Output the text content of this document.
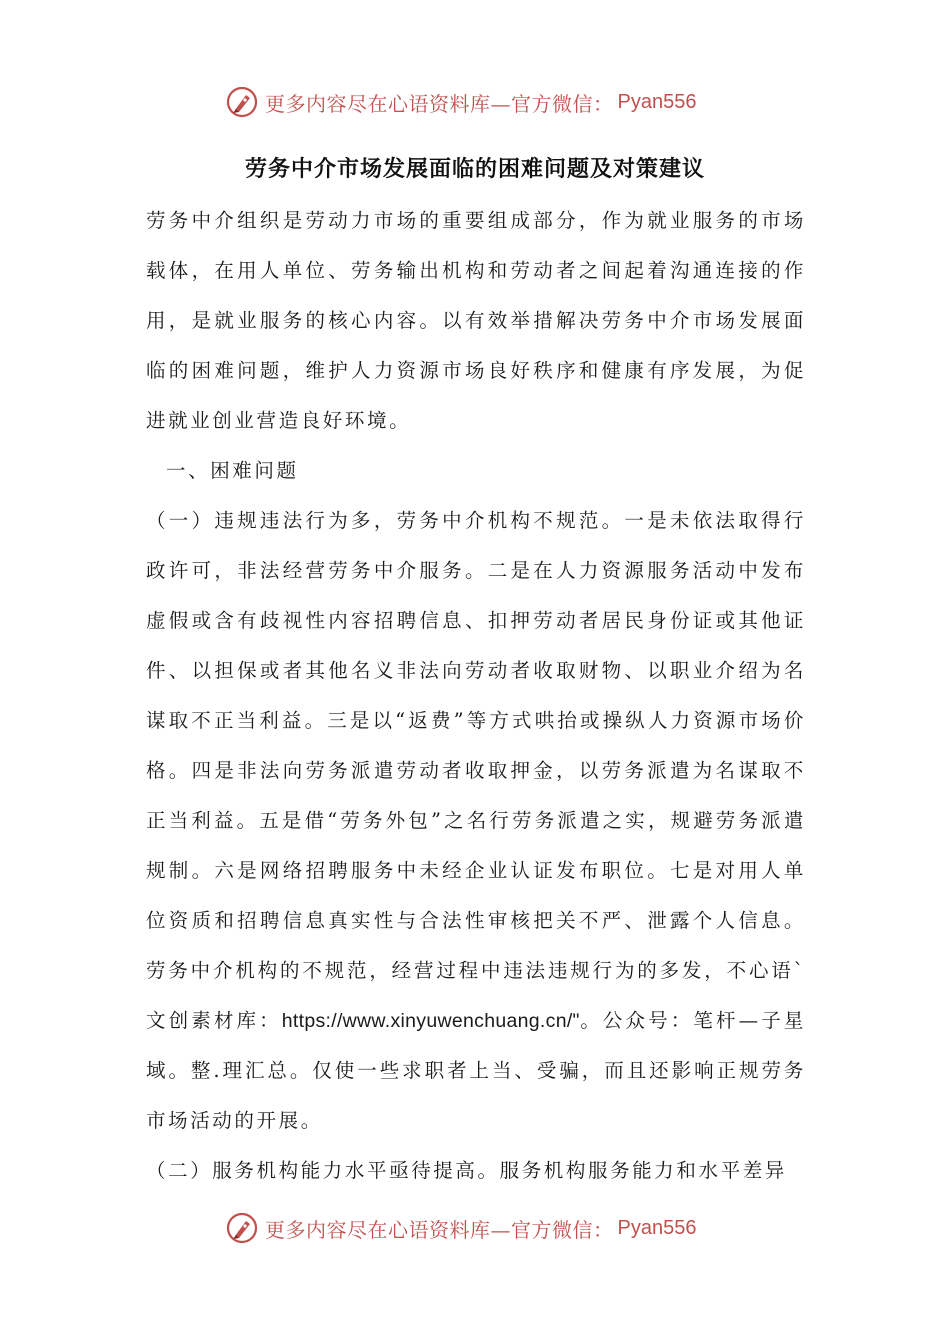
更多内容尽在心语资料库—官方微信： Pyan556
劳务中介市场发展面临的困难问题及对策建议

劳务中介组织是劳动力市场的重要组成部分，作为就业服务的市场载体，在用人单位、劳务输出机构和劳动者之间起着沟通连接的作用，是就业服务的核心内容。以有效举措解决劳务中介市场发展面临的困难问题，维护人力资源市场良好秩序和健康有序发展，为促进就业创业营造良好环境。

一、困难问题

（一）违规违法行为多，劳务中介机构不规范。一是未依法取得行政许可，非法经营劳务中介服务。二是在人力资源服务活动中发布虚假或含有歧视性内容招聘信息、扣押劳动者居民身份证或其他证件、以担保或者其他名义非法向劳动者收取财物、以职业介绍为名谋取不正当利益。三是以“返费”等方式哄抬或操纵人力资源市场价格。四是非法向劳务派遣劳动者收取押金，以劳务派遣为名谋取不正当利益。五是借“劳务外包”之名行劳务派遣之实，规避劳务派遣规制。六是网络招聘服务中未经企业认证发布职位。七是对用人单位资质和招聘信息真实性与合法性审核把关不严、泄露个人信息。劳务中介机构的不规范，经营过程中违法违规行为的多发，不心语`文创素材库：https://www.xinyuwenchuang.cn/"。公众号：笔杆—子星域。整.理汇总。仅使一些求职者上当、受骗，而且还影响正规劳务市场活动的开展。

（二）服务机构能力水平亟待提高。服务机构服务能力和水平差异

更多内容尽在心语资料库—官方微信： Pyan556
